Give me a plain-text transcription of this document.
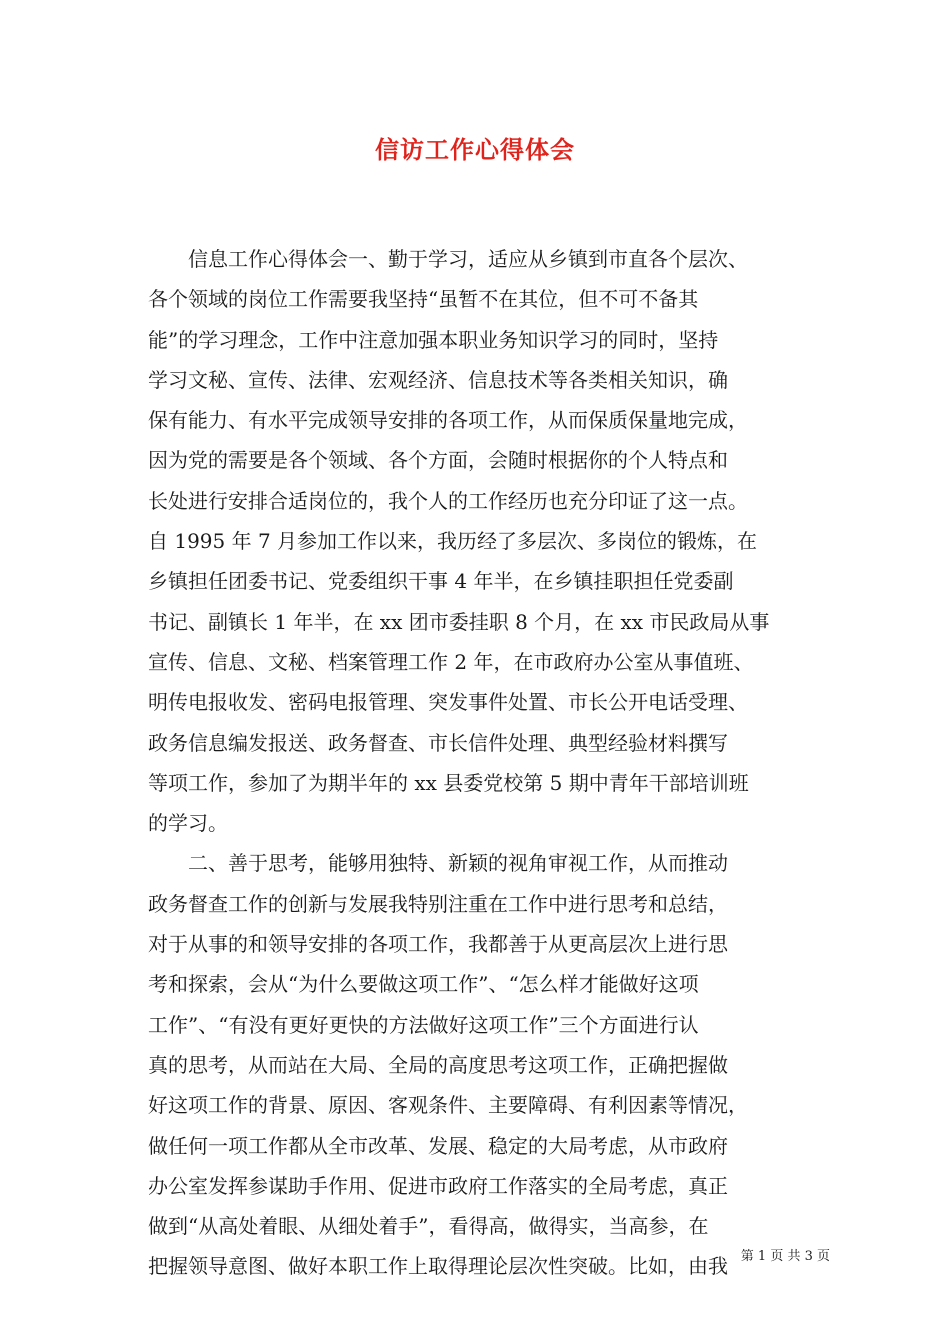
信访工作心得体会
　　信息工作心得体会一、勤于学习，适应从乡镇到市直各个层次、
各个领域的岗位工作需要我坚持“虽暂不在其位，但不可不备其
能”的学习理念，工作中注意加强本职业务知识学习的同时，坚持
学习文秘、宣传、法律、宏观经济、信息技术等各类相关知识，确
保有能力、有水平完成领导安排的各项工作，从而保质保量地完成，
因为党的需要是各个领域、各个方面，会随时根据你的个人特点和
长处进行安排合适岗位的，我个人的工作经历也充分印证了这一点。
自 1995 年 7 月参加工作以来，我历经了多层次、多岗位的锻炼，在
乡镇担任团委书记、党委组织干事 4 年半，在乡镇挂职担任党委副
书记、副镇长 1 年半，在 xx 团市委挂职 8 个月，在 xx 市民政局从事
宣传、信息、文秘、档案管理工作 2 年，在市政府办公室从事值班、
明传电报收发、密码电报管理、突发事件处置、市长公开电话受理、
政务信息编发报送、政务督查、市长信件处理、典型经验材料撰写
等项工作，参加了为期半年的 xx 县委党校第 5 期中青年干部培训班
的学习。
　　二、善于思考，能够用独特、新颖的视角审视工作，从而推动
政务督查工作的创新与发展我特别注重在工作中进行思考和总结，
对于从事的和领导安排的各项工作，我都善于从更高层次上进行思
考和探索，会从“为什么要做这项工作”、“怎么样才能做好这项
工作”、“有没有更好更快的方法做好这项工作”三个方面进行认
真的思考，从而站在大局、全局的高度思考这项工作，正确把握做
好这项工作的背景、原因、客观条件、主要障碍、有利因素等情况，
做任何一项工作都从全市改革、发展、稳定的大局考虑，从市政府
办公室发挥参谋助手作用、促进市政府工作落实的全局考虑，真正
做到“从高处着眼、从细处着手”，看得高，做得实，当高参，在
把握领导意图、做好本职工作上取得理论层次性突破。比如，由我 第 1 页 共 3 页
